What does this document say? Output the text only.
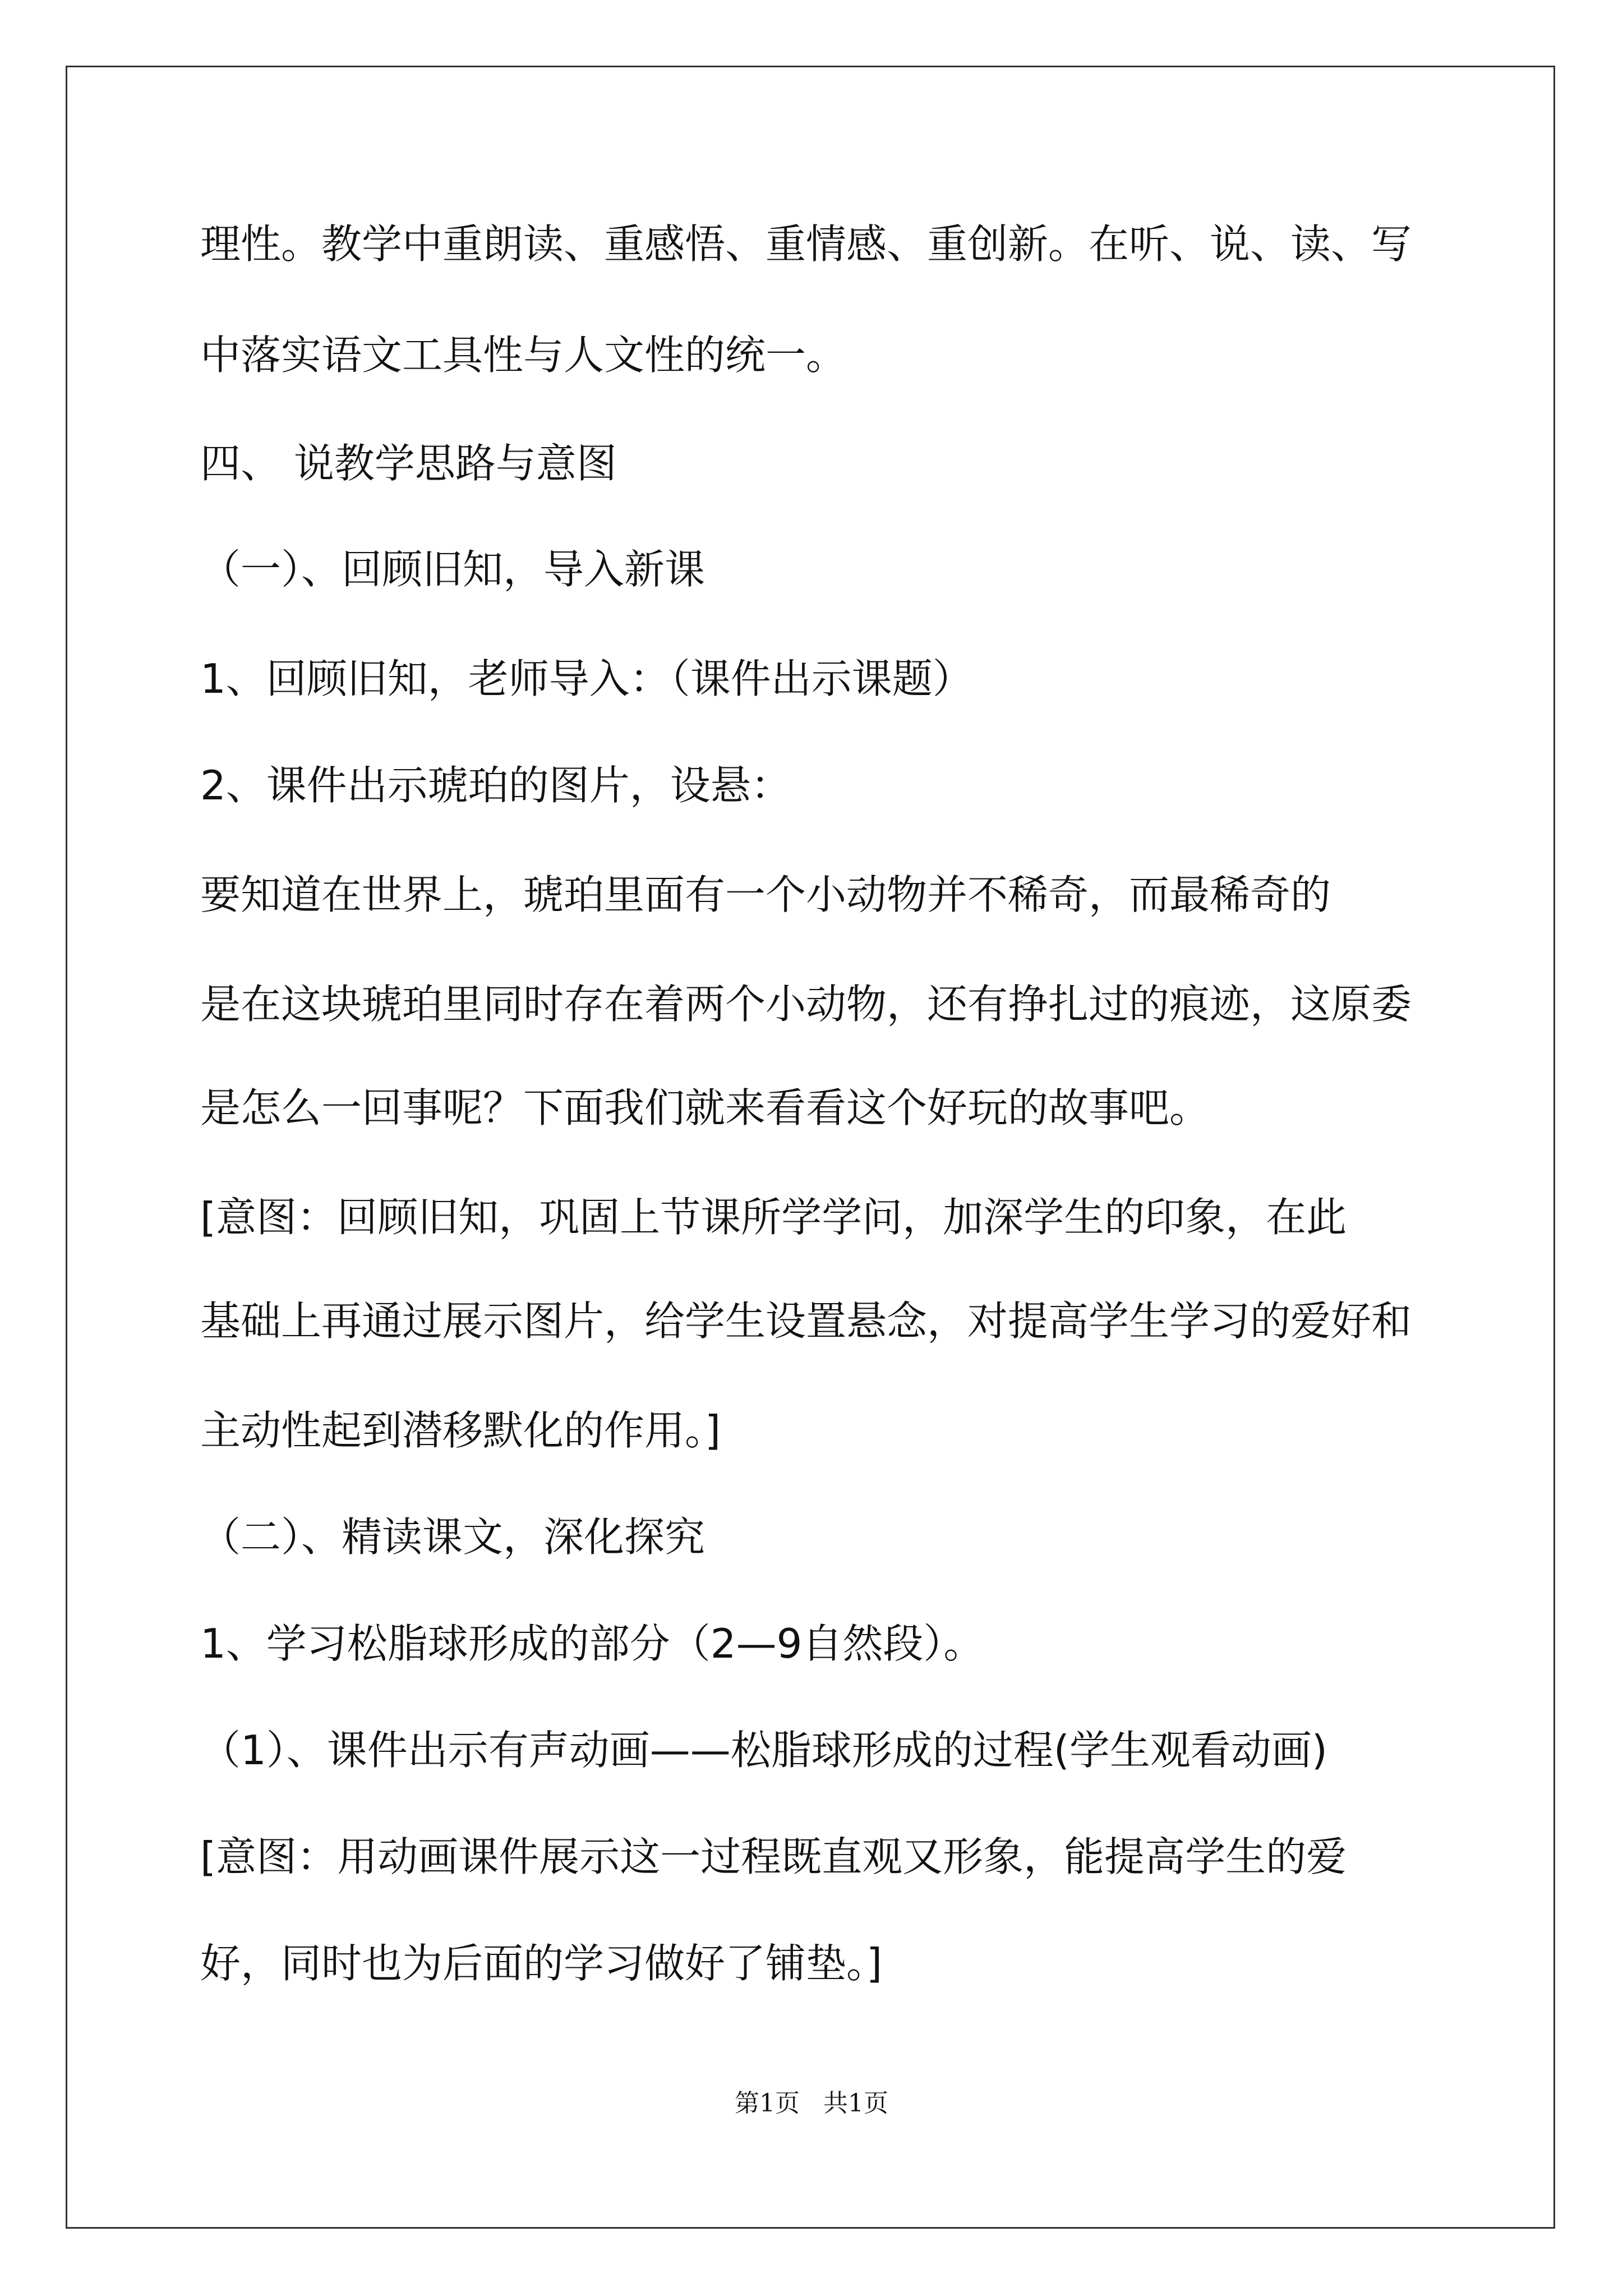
理性。教学中重朗读、重感悟、重情感、重创新。在听、说、读、写
中落实语文工具性与人文性的统一。
四、 说教学思路与意图
（一）、回顾旧知，导入新课
1、回顾旧知，老师导入：（课件出示课题）
2、课件出示琥珀的图片，设悬：
要知道在世界上，琥珀里面有一个小动物并不稀奇，而最稀奇的
是在这块琥珀里同时存在着两个小动物，还有挣扎过的痕迹，这原委
是怎么一回事呢？下面我们就来看看这个好玩的故事吧。
[意图：回顾旧知，巩固上节课所学学问，加深学生的印象，在此
基础上再通过展示图片，给学生设置悬念，对提高学生学习的爱好和
主动性起到潜移默化的作用。]
（二）、精读课文，深化探究
1、学习松脂球形成的部分（2—9自然段）。
（1）、课件出示有声动画——松脂球形成的过程(学生观看动画)
[意图：用动画课件展示这一过程既直观又形象，能提高学生的爱
好，同时也为后面的学习做好了铺垫。]
第1页   共1页
